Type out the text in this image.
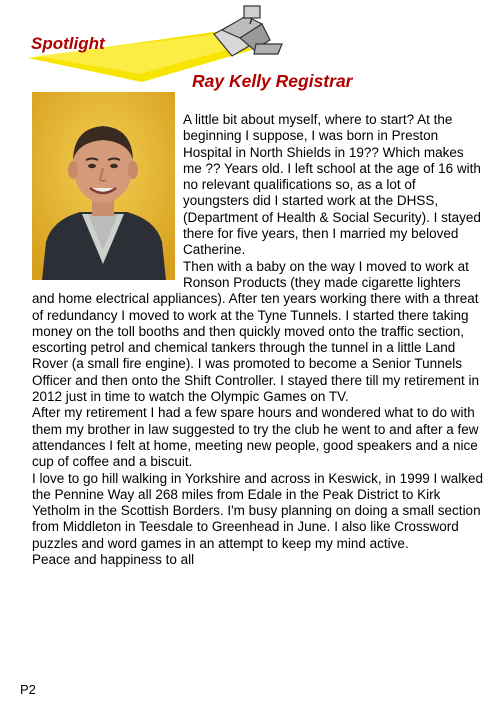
Spotlight
Ray Kelly Registrar

A little bit about myself, where to start? At the beginning I suppose, I was born in Preston Hospital in North Shields in 19?? Which makes me ?? Years old. I left school at the age of 16 with no relevant qualifications so, as a lot of youngsters did I started work at the DHSS, (Department of Health & Social Security). I stayed there for five years, then I married my beloved Catherine.

Then with a baby on the way I moved to work at Ronson Products (they made cigarette lighters and home electrical appliances). After ten years working there with a threat of redundancy I moved to work at the Tyne Tunnels. I started there taking money on the toll booths and then quickly moved onto the traffic section, escorting petrol and chemical tankers through the tunnel in a little Land Rover (a small fire engine). I was promoted to become a Senior Tunnels Officer and then onto the Shift Controller. I stayed there till my retirement in 2012 just in time to watch the Olympic Games on TV.

After my retirement I had a few spare hours and wondered what to do with them my brother in law suggested to try the club he went to and after a few attendances I felt at home, meeting new people, good speakers and a nice cup of coffee and a biscuit.

I love to go hill walking in Yorkshire and across in Keswick, in 1999 I walked the Pennine Way all 268 miles from Edale in the Peak District to Kirk Yetholm in the Scottish Borders. I'm busy planning on doing a small section from Middleton in Teesdale to Greenhead in June. I also like Crossword puzzles and word games in an attempt to keep my mind active.

Peace and happiness to all

P2
